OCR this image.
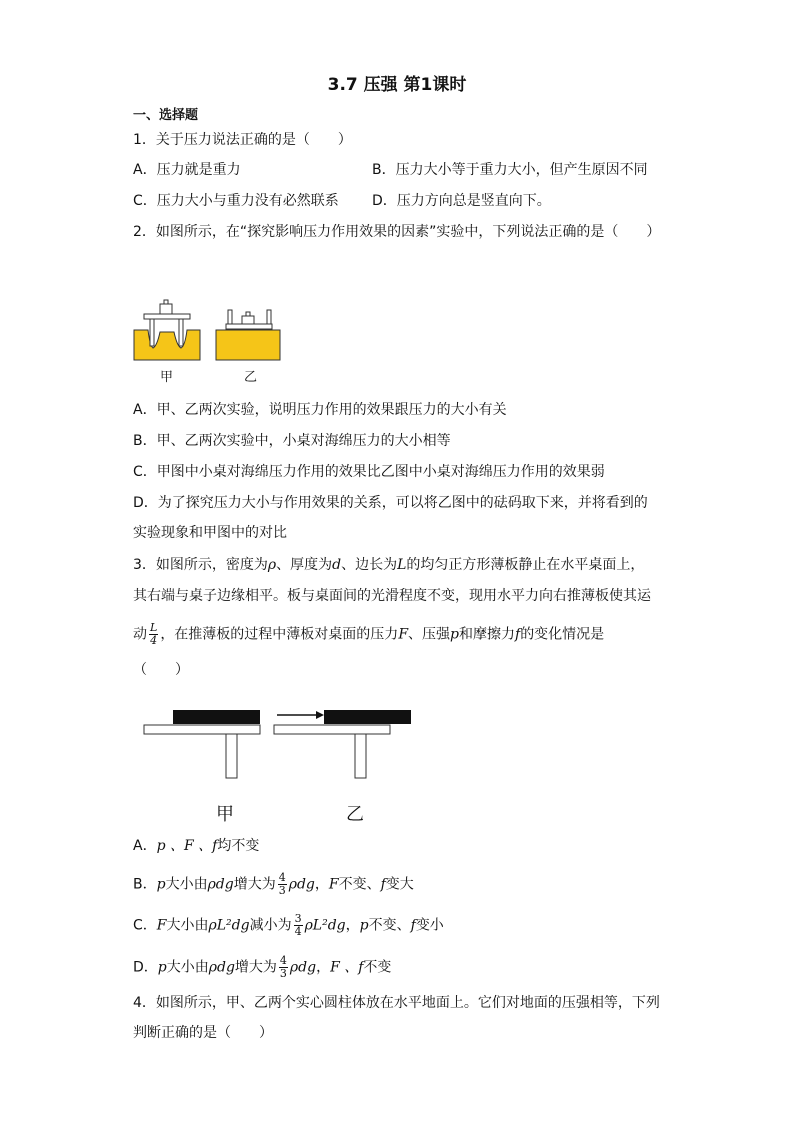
3.7 压强 第1课时
一、选择题
1．关于压力说法正确的是（　　）
A．压力就是重力	B．压力大小等于重力大小，但产生原因不同
C．压力大小与重力没有必然联系 D．压力方向总是竖直向下。
2．如图所示，在“探究影响压力作用效果的因素”实验中，下列说法正确的是（　　）
甲	乙
A．甲、乙两次实验，说明压力作用的效果跟压力的大小有关
B．甲、乙两次实验中，小桌对海绵压力的大小相等
C．甲图中小桌对海绵压力作用的效果比乙图中小桌对海绵压力作用的效果弱
D．为了探究压力大小与作用效果的关系，可以将乙图中的砝码取下来，并将看到的
实验现象和甲图中的对比
3．如图所示，密度为ρ、厚度为d、边长为L的均匀正方形薄板静止在水平桌面上，
其右端与桌子边缘相平。板与桌面间的光滑程度不变，现用水平力向右推薄板使其运
动 $\frac{L}{4}$ ，在推薄板的过程中薄板对桌面的压力F、压强p和摩擦力f的变化情况是
（　　）
甲	乙
A．p 、F 、f均不变
B．p大小由ρdg增大为 $\frac{4}{3}$ ρdg，F不变、f变大
C．F大小由ρL²dg减小为 $\frac{3}{4} \rho L^2dg$，p不变、f变小
D．p大小由ρdg增大为 $\frac{4}{3}$ ρdg，F 、f不变
4．如图所示，甲、乙两个实心圆柱体放在水平地面上。它们对地面的压强相等，下列
判断正确的是（　　）
